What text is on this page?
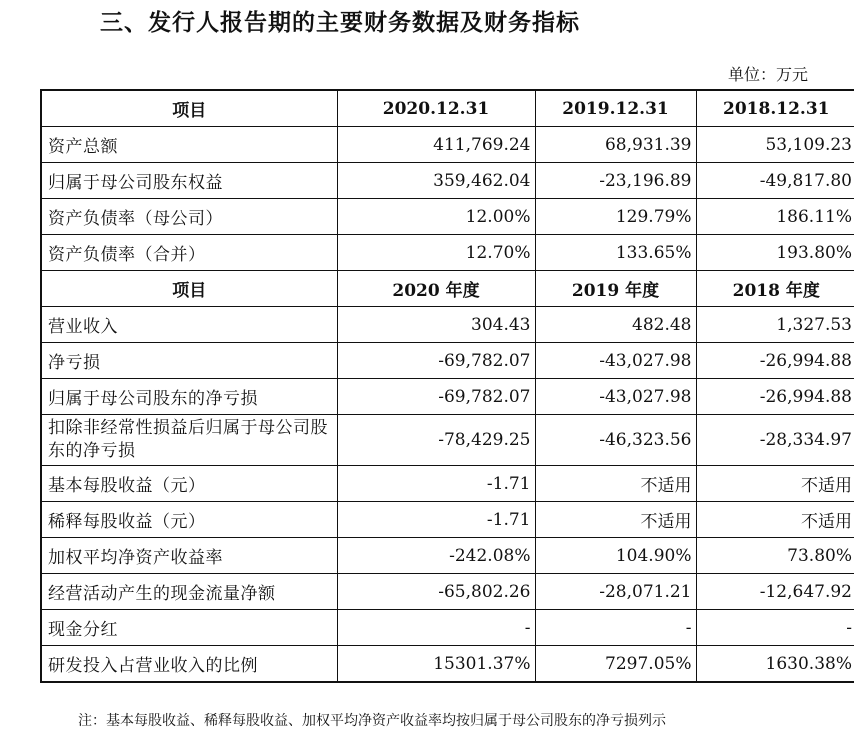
三、发行人报告期的主要财务数据及财务指标
单位：万元
项目	2020.12.31	2019.12.31	2018.12.31
资产总额	411,769.24	68,931.39	53,109.23
归属于母公司股东权益	359,462.04	-23,196.89	-49,817.80
资产负债率（母公司）	12.00%	129.79%	186.11%
资产负债率（合并）	12.70%	133.65%	193.80%
项目	2020 年度	2019 年度	2018 年度
营业收入	304.43	482.48	1,327.53
净亏损	-69,782.07	-43,027.98	-26,994.88
归属于母公司股东的净亏损	-69,782.07	-43,027.98	-26,994.88
扣除非经常性损益后归属于母公司股东的净亏损	-78,429.25	-46,323.56	-28,334.97
基本每股收益（元）	-1.71	不适用	不适用
稀释每股收益（元）	-1.71	不适用	不适用
加权平均净资产收益率	-242.08%	104.90%	73.80%
经营活动产生的现金流量净额	-65,802.26	-28,071.21	-12,647.92
现金分红	-	-	-
研发投入占营业收入的比例	15301.37%	7297.05%	1630.38%
注：基本每股收益、稀释每股收益、加权平均净资产收益率均按归属于母公司股东的净亏损列示
